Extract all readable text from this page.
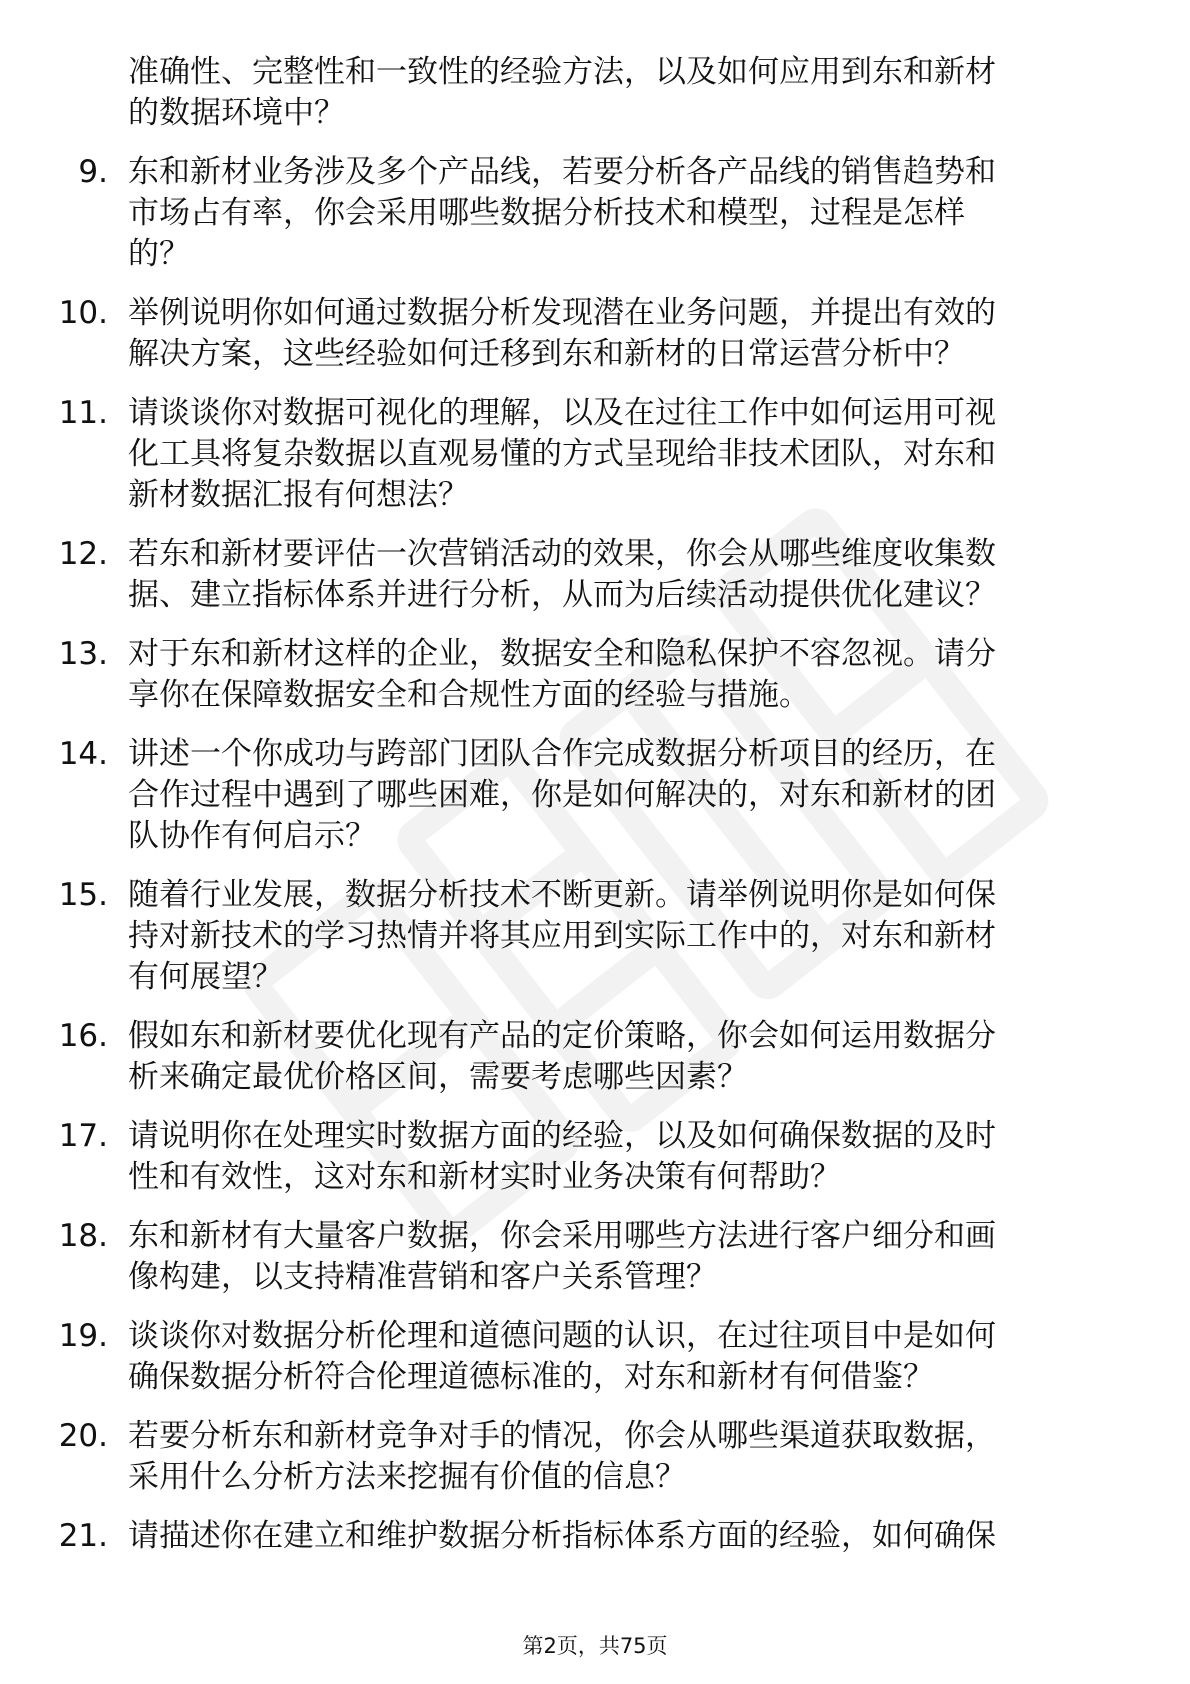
准确性、完整性和一致性的经验方法，以及如何应用到东和新材
的数据环境中？
9. 东和新材业务涉及多个产品线，若要分析各产品线的销售趋势和
市场占有率，你会采用哪些数据分析技术和模型，过程是怎样
的？
10. 举例说明你如何通过数据分析发现潜在业务问题，并提出有效的
解决方案，这些经验如何迁移到东和新材的日常运营分析中？
11. 请谈谈你对数据可视化的理解，以及在过往工作中如何运用可视
化工具将复杂数据以直观易懂的方式呈现给非技术团队，对东和
新材数据汇报有何想法？
12. 若东和新材要评估一次营销活动的效果，你会从哪些维度收集数
据、建立指标体系并进行分析，从而为后续活动提供优化建议？
13. 对于东和新材这样的企业，数据安全和隐私保护不容忽视。请分
享你在保障数据安全和合规性方面的经验与措施。
14. 讲述一个你成功与跨部门团队合作完成数据分析项目的经历，在
合作过程中遇到了哪些困难，你是如何解决的，对东和新材的团
队协作有何启示？
15. 随着行业发展，数据分析技术不断更新。请举例说明你是如何保
持对新技术的学习热情并将其应用到实际工作中的，对东和新材
有何展望？
16. 假如东和新材要优化现有产品的定价策略，你会如何运用数据分
析来确定最优价格区间，需要考虑哪些因素？
17. 请说明你在处理实时数据方面的经验，以及如何确保数据的及时
性和有效性，这对东和新材实时业务决策有何帮助？
18. 东和新材有大量客户数据，你会采用哪些方法进行客户细分和画
像构建，以支持精准营销和客户关系管理？
19. 谈谈你对数据分析伦理和道德问题的认识，在过往项目中是如何
确保数据分析符合伦理道德标准的，对东和新材有何借鉴？
20. 若要分析东和新材竞争对手的情况，你会从哪些渠道获取数据，
采用什么分析方法来挖掘有价值的信息？
21. 请描述你在建立和维护数据分析指标体系方面的经验，如何确保
第2页，共75页
